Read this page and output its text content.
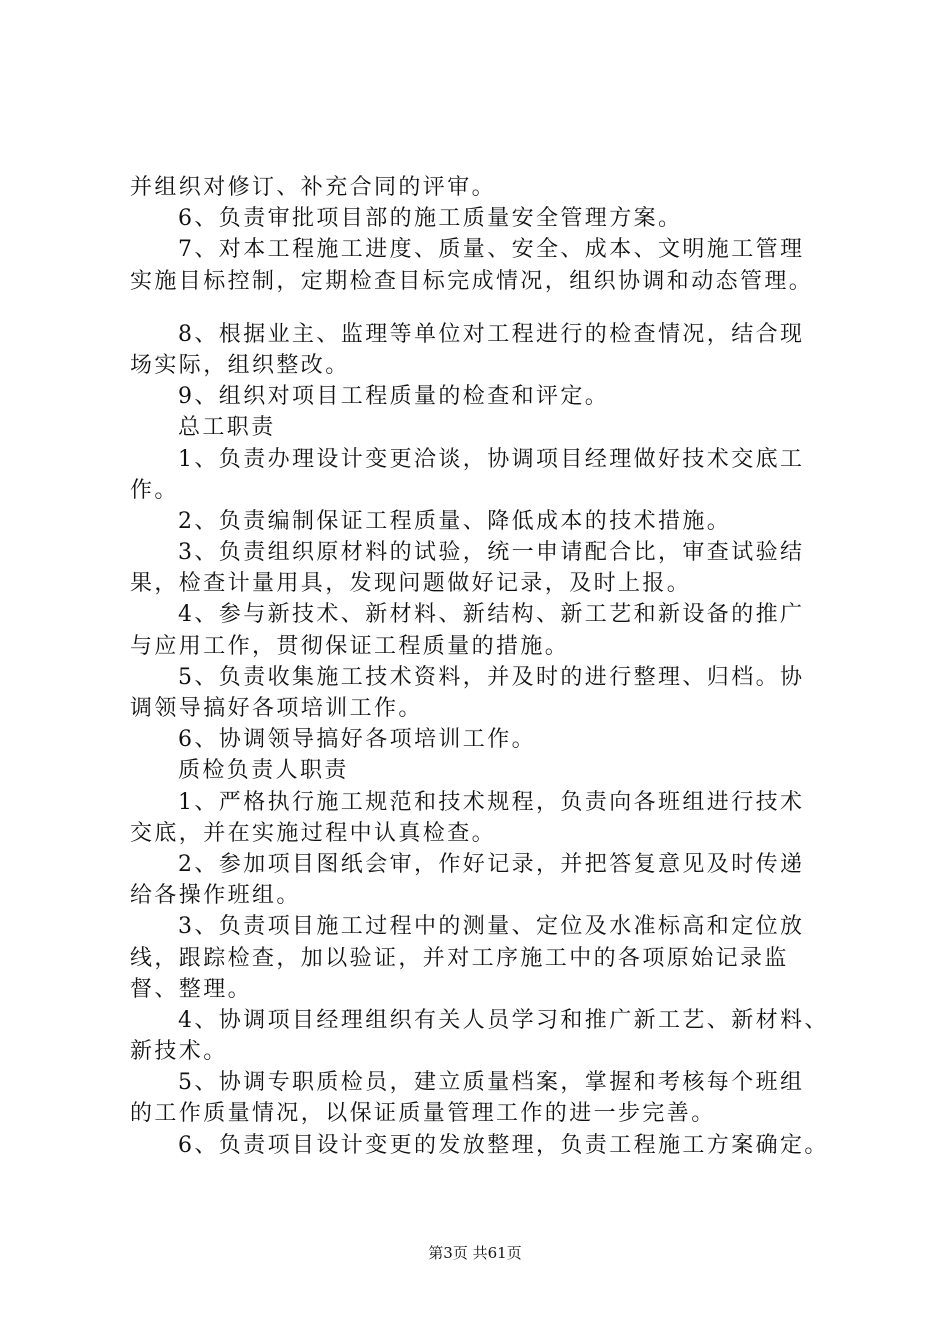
并组织对修订、补充合同的评审。
6、负责审批项目部的施工质量安全管理方案。
7、对本工程施工进度、质量、安全、成本、文明施工管理
实施目标控制，定期检查目标完成情况，组织协调和动态管理。
8、根据业主、监理等单位对工程进行的检查情况，结合现
场实际，组织整改。
9、组织对项目工程质量的检查和评定。
总工职责
1、负责办理设计变更洽谈，协调项目经理做好技术交底工
作。
2、负责编制保证工程质量、降低成本的技术措施。
3、负责组织原材料的试验，统一申请配合比，审查试验结
果，检查计量用具，发现问题做好记录，及时上报。
4、参与新技术、新材料、新结构、新工艺和新设备的推广
与应用工作，贯彻保证工程质量的措施。
5、负责收集施工技术资料，并及时的进行整理、归档。协
调领导搞好各项培训工作。
6、协调领导搞好各项培训工作。
质检负责人职责
1、严格执行施工规范和技术规程，负责向各班组进行技术
交底，并在实施过程中认真检查。
2、参加项目图纸会审，作好记录，并把答复意见及时传递
给各操作班组。
3、负责项目施工过程中的测量、定位及水准标高和定位放
线，跟踪检查，加以验证，并对工序施工中的各项原始记录监
督、整理。
4、协调项目经理组织有关人员学习和推广新工艺、新材料、
新技术。
5、协调专职质检员，建立质量档案，掌握和考核每个班组
的工作质量情况，以保证质量管理工作的进一步完善。
6、负责项目设计变更的发放整理，负责工程施工方案确定。
第3页 共61页
